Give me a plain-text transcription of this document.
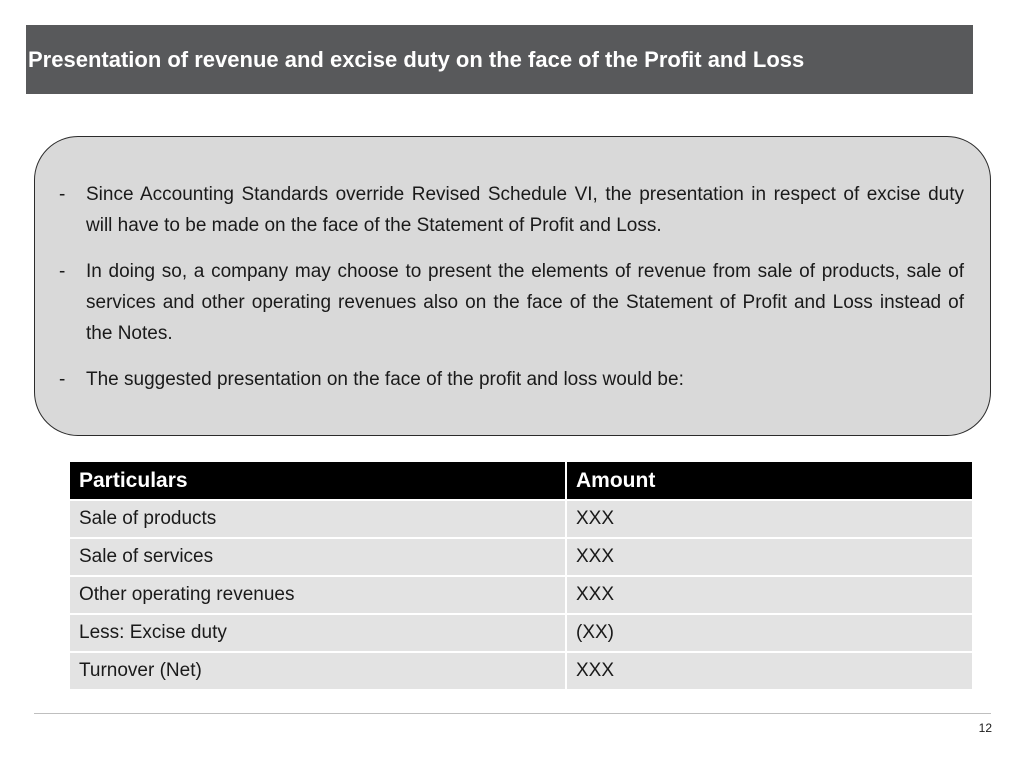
Presentation of revenue and excise duty on the face of the Profit and Loss
- Since Accounting Standards override Revised Schedule VI, the presentation in respect of excise duty will have to be made on the face of the Statement of Profit and Loss.
- In doing so, a company may choose to present the elements of revenue from sale of products, sale of services and other operating revenues also on the face of the Statement of Profit and Loss instead of the Notes.
- The suggested presentation on the face of the profit and loss would be:
Particulars	Amount
Sale of products	XXX
Sale of services	XXX
Other operating revenues	XXX
Less: Excise duty	(XX)
Turnover (Net)	XXX
12
